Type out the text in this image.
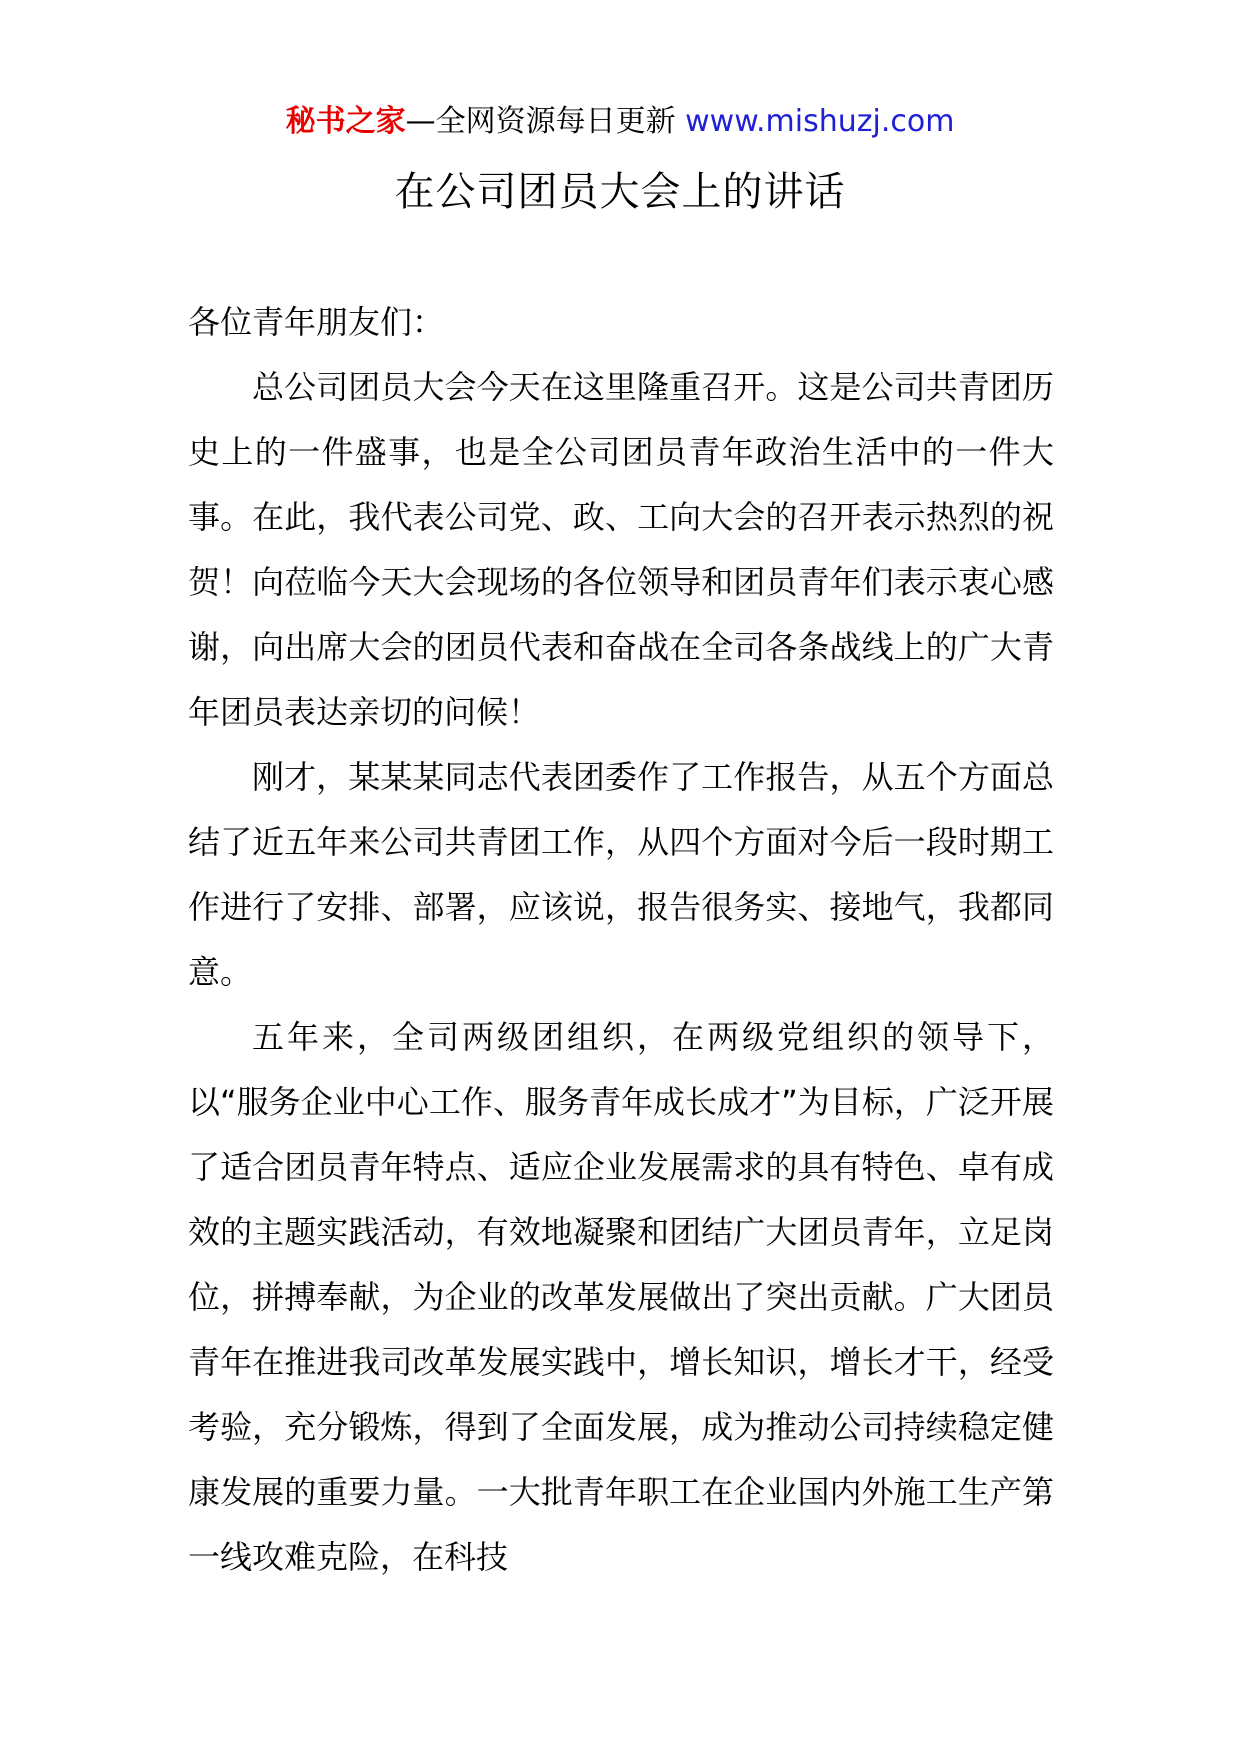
秘书之家—全网资源每日更新 www.mishuzj.com
在公司团员大会上的讲话

各位青年朋友们：

总公司团员大会今天在这里隆重召开。这是公司共青团历史上的一件盛事，也是全公司团员青年政治生活中的一件大事。在此，我代表公司党、政、工向大会的召开表示热烈的祝贺！向莅临今天大会现场的各位领导和团员青年们表示衷心感谢，向出席大会的团员代表和奋战在全司各条战线上的广大青年团员表达亲切的问候！

刚才，某某某同志代表团委作了工作报告，从五个方面总结了近五年来公司共青团工作，从四个方面对今后一段时期工作进行了安排、部署，应该说，报告很务实、接地气，我都同意。

五年来，全司两级团组织，在两级党组织的领导下，以“服务企业中心工作、服务青年成长成才”为目标，广泛开展了适合团员青年特点、适应企业发展需求的具有特色、卓有成效的主题实践活动，有效地凝聚和团结广大团员青年，立足岗位，拼搏奉献，为企业的改革发展做出了突出贡献。广大团员青年在推进我司改革发展实践中，增长知识，增长才干，经受考验，充分锻炼，得到了全面发展，成为推动公司持续稳定健康发展的重要力量。一大批青年职工在企业国内外施工生产第一线攻难克险，在科技
